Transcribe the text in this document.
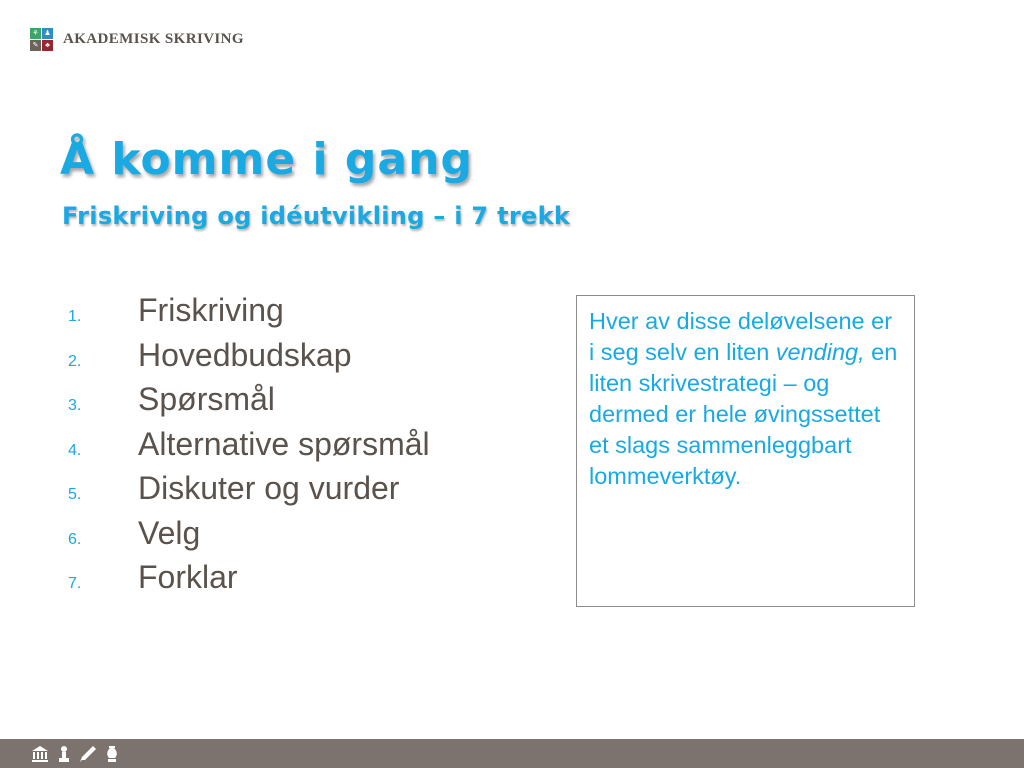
⚘ ♟
✎ ♣ AKADEMISK SKRIVING
Å komme i gang
Friskriving og idéutvikling – i 7 trekk
1.	Friskriving
2.	Hovedbudskap
3.	Spørsmål
4.	Alternative spørsmål
5.	Diskuter og vurder
6.	Velg
7.	Forklar

Hver av disse deløvelsene er i seg selv en liten vending, en liten skrivestrategi – og dermed er hele øvingssettet et slags sammenleggbart lommeverktøy.
